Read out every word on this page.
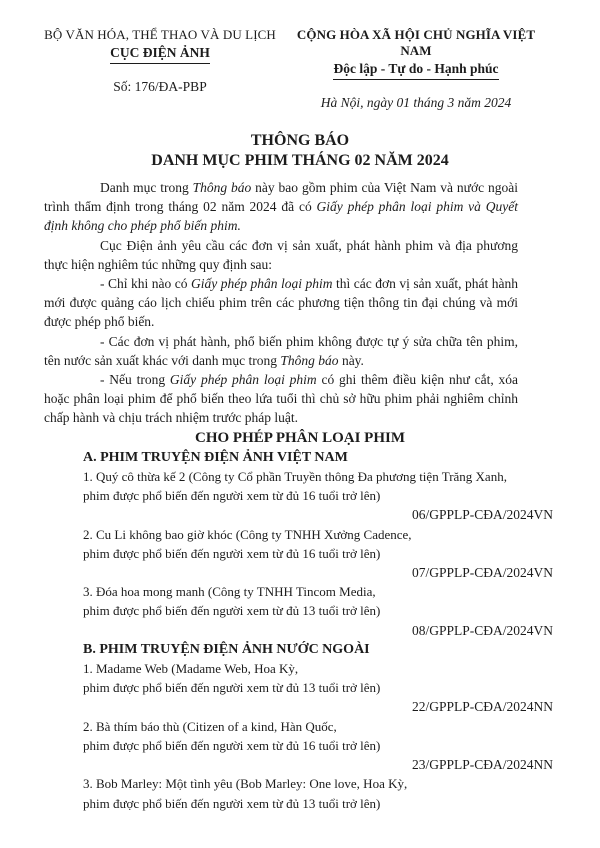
BỘ VĂN HÓA, THỂ THAO VÀ DU LỊCH
CỤC ĐIỆN ẢNH
Số: 176/ĐA-PBP
CỘNG HÒA XÃ HỘI CHỦ NGHĨA VIỆT NAM
Độc lập - Tự do - Hạnh phúc
Hà Nội, ngày 01 tháng 3 năm 2024
THÔNG BÁO
DANH MỤC PHIM THÁNG 02 NĂM 2024

Danh mục trong Thông báo này bao gồm phim của Việt Nam và nước ngoài trình thẩm định trong tháng 02 năm 2024 đã có Giấy phép phân loại phim và Quyết định không cho phép phổ biến phim.

Cục Điện ảnh yêu cầu các đơn vị sản xuất, phát hành phim và địa phương thực hiện nghiêm túc những quy định sau:

- Chỉ khi nào có Giấy phép phân loại phim thì các đơn vị sản xuất, phát hành mới được quảng cáo lịch chiếu phim trên các phương tiện thông tin đại chúng và mới được phép phổ biến.

- Các đơn vị phát hành, phổ biến phim không được tự ý sửa chữa tên phim, tên nước sản xuất khác với danh mục trong Thông báo này.

- Nếu trong Giấy phép phân loại phim có ghi thêm điều kiện như cắt, xóa hoặc phân loại phim để phổ biến theo lứa tuổi thì chủ sở hữu phim phải nghiêm chỉnh chấp hành và chịu trách nhiệm trước pháp luật.

CHO PHÉP PHÂN LOẠI PHIM
A. PHIM TRUYỆN ĐIỆN ẢNH VIỆT NAM
1. Quý cô thừa kế 2 (Công ty Cổ phần Truyền thông Đa phương tiện Trăng Xanh,
phim được phổ biến đến người xem từ đủ 16 tuổi trở lên)
06/GPPLP-CĐA/2024VN
2. Cu Li không bao giờ khóc (Công ty TNHH Xưởng Cadence,
phim được phổ biến đến người xem từ đủ 16 tuổi trở lên)
07/GPPLP-CĐA/2024VN
3. Đóa hoa mong manh (Công ty TNHH Tincom Media,
phim được phổ biến đến người xem từ đủ 13 tuổi trở lên)
08/GPPLP-CĐA/2024VN
B. PHIM TRUYỆN ĐIỆN ẢNH NƯỚC NGOÀI
1. Madame Web (Madame Web, Hoa Kỳ,
phim được phổ biến đến người xem từ đủ 13 tuổi trở lên)
22/GPPLP-CĐA/2024NN
2. Bà thím báo thù (Citizen of a kind, Hàn Quốc,
phim được phổ biến đến người xem từ đủ 16 tuổi trở lên)
23/GPPLP-CĐA/2024NN
3. Bob Marley: Một tình yêu (Bob Marley: One love, Hoa Kỳ,
phim được phổ biến đến người xem từ đủ 13 tuổi trở lên)
